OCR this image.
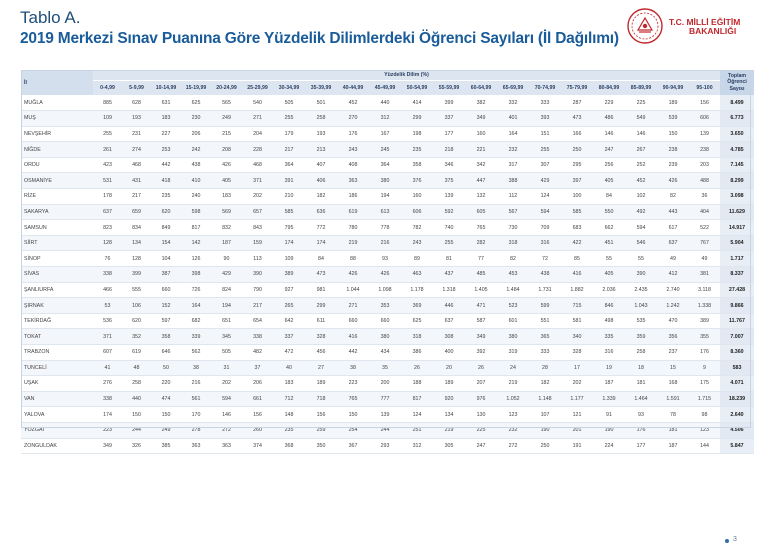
Tablo A.
2019 Merkezi Sınav Puanına Göre Yüzdelik Dilimlerdeki Öğrenci Sayıları (İl Dağılımı)
T.C. MİLLİ EĞİTİM
BAKANLIĞI
İl	Yüzdelik Dilim (%)																				Toplam Öğrenci Sayısı
	0-4,99	5-9,99	10-14,99	15-19,99	20-24,99	25-29,99	30-34,99	35-39,99	40-44,99	45-49,99	50-54,99	55-59,99	60-64,99	65-69,99	70-74,99	75-79,99	80-84,99	85-89,99	90-94,99	95-100	
MUĞLA	885	628	631	625	565	540	505	501	452	440	414	399	382	332	333	287	229	225	189	156	8.499
MUŞ	109	193	183	230	249	271	255	258	270	312	299	337	349	401	393	473	486	549	539	606	6.773
NEVŞEHİR	255	231	227	206	215	204	179	193	176	167	198	177	160	164	151	166	146	146	150	139	3.650
NİĞDE	261	274	253	242	208	228	217	213	243	245	235	218	221	232	255	250	247	267	238	238	4.785
ORDU	423	468	442	438	426	468	364	407	408	364	358	346	342	317	307	295	256	252	239	203	7.145
OSMANİYE	531	431	418	410	405	371	391	406	363	380	376	375	447	388	429	397	405	452	426	488	8.299
RİZE	178	217	235	240	183	202	210	182	186	194	160	139	132	112	124	100	84	102	82	36	3.098
SAKARYA	637	659	620	598	569	657	585	636	619	613	606	592	605	567	594	585	550	492	443	404	11.629
SAMSUN	823	834	849	817	832	843	795	772	780	778	782	740	765	730	709	683	662	594	617	522	14.917
SİİRT	128	134	154	142	187	159	174	174	219	216	243	255	282	318	316	422	451	546	637	767	5.904
SİNOP	76	128	104	126	90	113	109	84	88	93	89	81	77	82	72	85	55	55	49	49	1.717
SİVAS	338	399	387	398	429	390	389	473	426	426	463	437	485	453	438	416	405	390	412	381	8.337
ŞANLIURFA	466	555	660	726	824	790	927	981	1.044	1.098	1.178	1.318	1.405	1.484	1.731	1.882	2.036	2.435	2.740	3.118	27.428
ŞIRNAK	53	106	152	164	194	217	265	299	271	353	369	446	471	523	599	715	846	1.043	1.242	1.338	9.866
TEKİRDAĞ	536	620	597	682	651	654	642	611	660	660	625	637	587	601	551	581	498	535	470	389	11.767
TOKAT	371	352	358	339	345	338	337	328	416	380	318	308	349	380	365	340	335	359	356	355	7.007
TRABZON	607	619	646	562	505	482	472	456	442	434	386	400	392	319	333	328	316	258	237	176	8.360
TUNCELİ	41	48	50	38	31	37	40	27	38	35	26	20	26	24	28	17	19	18	15	9	583
UŞAK	276	258	220	216	202	206	183	189	223	200	188	189	207	219	182	202	187	181	168	175	4.071
VAN	338	440	474	561	594	661	712	718	765	777	817	920	976	1.052	1.148	1.177	1.339	1.464	1.591	1.715	18.239
YALOVA	174	150	150	170	146	156	148	156	150	139	124	134	130	123	107	121	91	93	78	98	2.640
YOZGAT	223	244	249	278	272	260	235	259	254	244	251	219	225	232	190	201	190	176	181	123	4.506
ZONGULDAK	349	326	385	363	363	374	368	350	367	293	312	305	247	272	250	191	224	177	187	144	5.847
3
